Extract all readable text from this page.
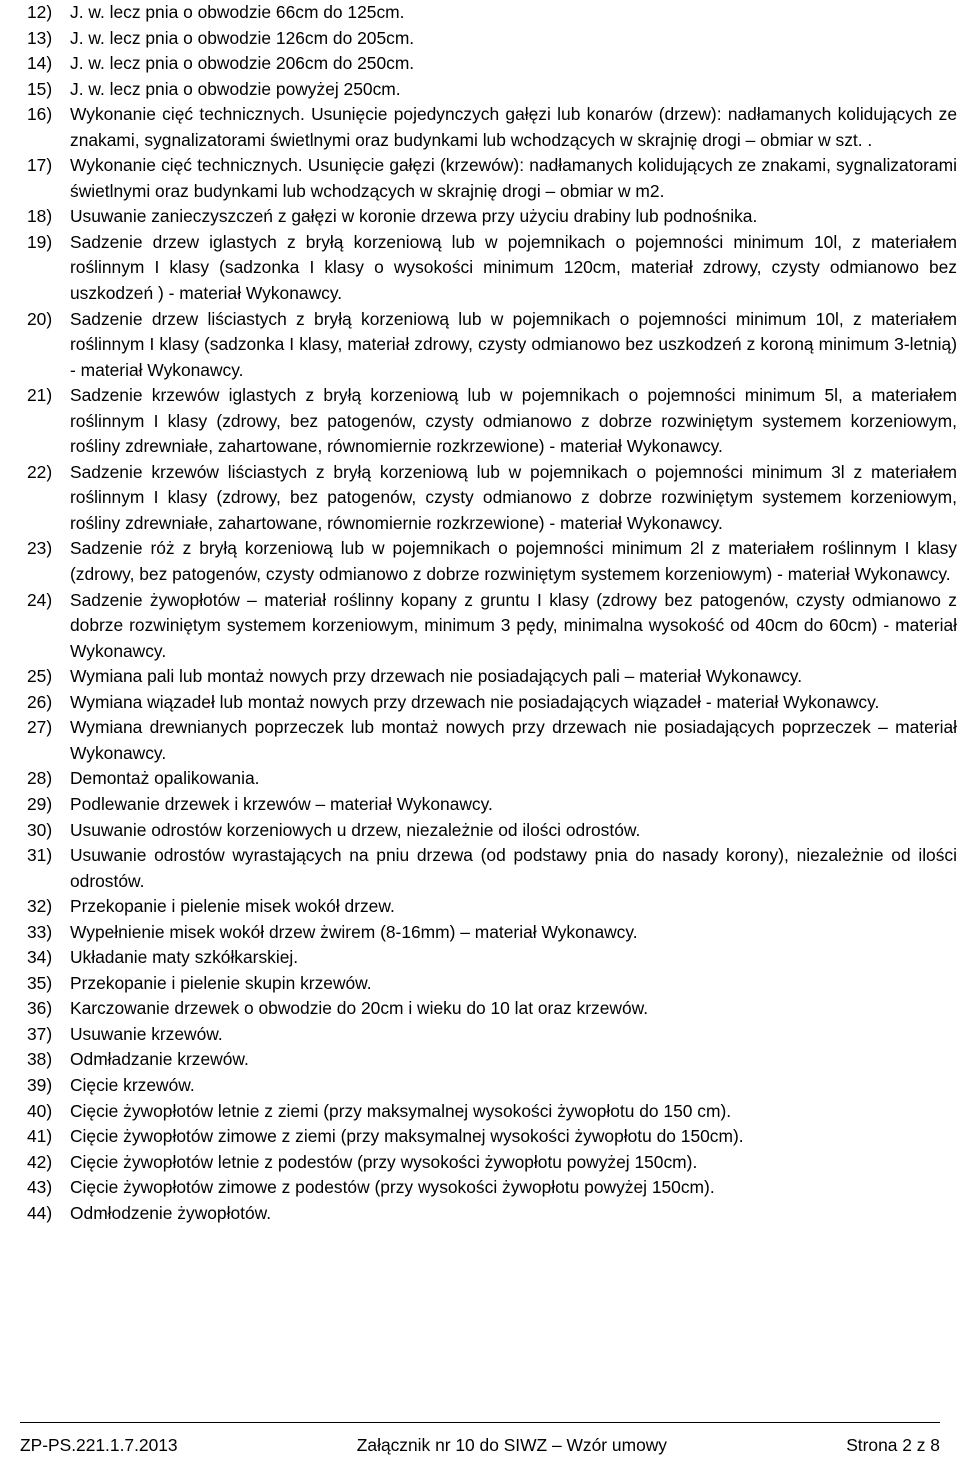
12)	J. w. lecz pnia o obwodzie 66cm do 125cm.
13)	J. w. lecz pnia o obwodzie 126cm do 205cm.
14)	J. w. lecz pnia o obwodzie 206cm do 250cm.
15)	J. w. lecz pnia o obwodzie powyżej 250cm.
16)	Wykonanie cięć technicznych. Usunięcie pojedynczych gałęzi lub konarów (drzew): nadłamanych kolidujących ze znakami, sygnalizatorami świetlnymi oraz budynkami lub wchodzących w skrajnię drogi – obmiar w szt. .
17)	Wykonanie cięć technicznych. Usunięcie gałęzi (krzewów): nadłamanych kolidujących ze znakami, sygnalizatorami świetlnymi oraz budynkami lub wchodzących w skrajnię drogi – obmiar w m2.
18)	Usuwanie zanieczyszczeń z gałęzi w koronie drzewa przy użyciu drabiny lub podnośnika.
19)	Sadzenie drzew iglastych z bryłą korzeniową lub w pojemnikach o pojemności minimum 10l, z materiałem roślinnym I klasy (sadzonka I klasy o wysokości minimum 120cm, materiał zdrowy, czysty odmianowo bez uszkodzeń ) - materiał Wykonawcy.
20)	Sadzenie drzew liściastych z bryłą korzeniową lub w pojemnikach o pojemności minimum 10l, z materiałem roślinnym I klasy (sadzonka I klasy, materiał zdrowy, czysty odmianowo bez uszkodzeń z koroną minimum 3-letnią) - materiał Wykonawcy.
21)	Sadzenie krzewów iglastych z bryłą korzeniową lub w pojemnikach o pojemności minimum 5l, a materiałem roślinnym I klasy (zdrowy, bez patogenów, czysty odmianowo z dobrze rozwiniętym systemem korzeniowym, rośliny zdrewniałe, zahartowane, równomiernie rozkrzewione) - materiał Wykonawcy.
22)	Sadzenie krzewów liściastych z bryłą korzeniową lub w pojemnikach o pojemności minimum 3l z materiałem roślinnym I klasy (zdrowy, bez patogenów, czysty odmianowo z dobrze rozwiniętym systemem korzeniowym, rośliny zdrewniałe, zahartowane, równomiernie rozkrzewione) - materiał Wykonawcy.
23)	Sadzenie róż z bryłą korzeniową lub w pojemnikach o pojemności minimum 2l z materiałem roślinnym I klasy (zdrowy, bez patogenów, czysty odmianowo z dobrze rozwiniętym systemem korzeniowym) - materiał Wykonawcy.
24)	Sadzenie żywopłotów – materiał roślinny kopany z gruntu I klasy (zdrowy bez patogenów, czysty odmianowo z dobrze rozwiniętym systemem korzeniowym, minimum 3 pędy, minimalna wysokość od 40cm do 60cm) - materiał Wykonawcy.
25)	Wymiana pali lub montaż nowych przy drzewach nie posiadających pali – materiał Wykonawcy.
26)	Wymiana wiązadeł lub montaż nowych przy drzewach nie posiadających wiązadeł - materiał Wykonawcy.
27)	Wymiana drewnianych poprzeczek lub montaż nowych przy drzewach nie posiadających poprzeczek – materiał Wykonawcy.
28)	Demontaż opalikowania.
29)	Podlewanie drzewek i krzewów – materiał Wykonawcy.
30)	Usuwanie odrostów korzeniowych u drzew, niezależnie od ilości odrostów.
31)	Usuwanie odrostów wyrastających na pniu drzewa (od podstawy pnia do nasady korony), niezależnie od ilości odrostów.
32)	Przekopanie i pielenie misek wokół drzew.
33)	Wypełnienie misek wokół drzew żwirem (8-16mm) – materiał Wykonawcy.
34)	Układanie maty szkółkarskiej.
35)	Przekopanie i pielenie skupin krzewów.
36)	Karczowanie drzewek o obwodzie do 20cm i wieku do 10 lat oraz krzewów.
37)	Usuwanie krzewów.
38)	Odmładzanie krzewów.
39)	Cięcie krzewów.
40)	Cięcie żywopłotów letnie z ziemi (przy maksymalnej wysokości żywopłotu do 150 cm).
41)	Cięcie żywopłotów zimowe z ziemi (przy maksymalnej wysokości żywopłotu do 150cm).
42)	Cięcie żywopłotów letnie z podestów (przy wysokości żywopłotu powyżej 150cm).
43)	Cięcie żywopłotów zimowe z podestów (przy wysokości żywopłotu powyżej 150cm).
44)	Odmłodzenie żywopłotów.
ZP-PS.221.1.7.2013	Załącznik nr 10 do SIWZ – Wzór umowy	Strona 2 z 8
